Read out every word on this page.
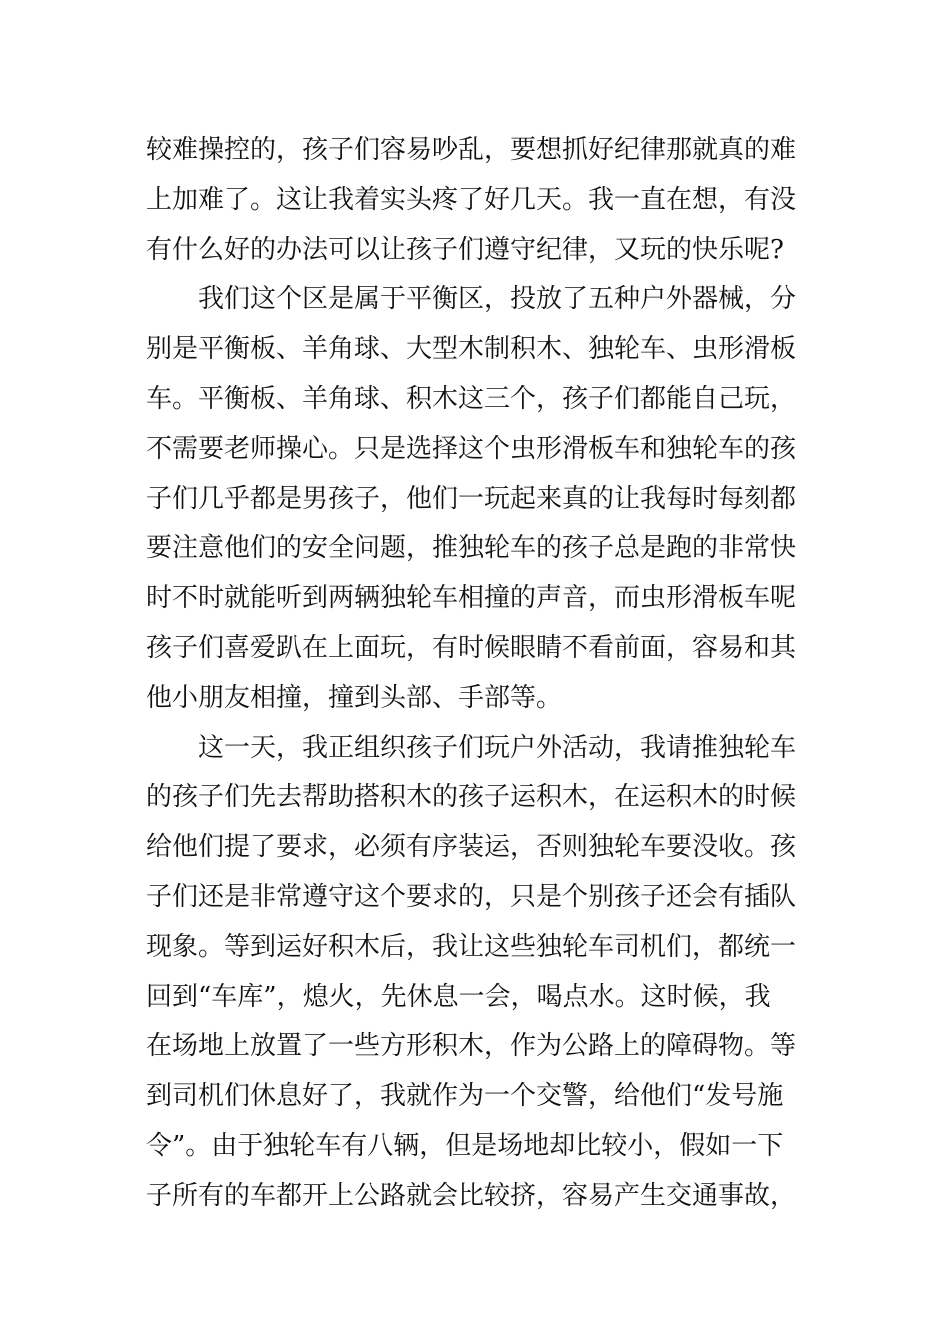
较难操控的，孩子们容易吵乱，要想抓好纪律那就真的难
上加难了。这让我着实头疼了好几天。我一直在想，有没
有什么好的办法可以让孩子们遵守纪律，又玩的快乐呢?
我们这个区是属于平衡区，投放了五种户外器械，分
别是平衡板、羊角球、大型木制积木、独轮车、虫形滑板
车。平衡板、羊角球、积木这三个，孩子们都能自己玩，
不需要老师操心。只是选择这个虫形滑板车和独轮车的孩
子们几乎都是男孩子，他们一玩起来真的让我每时每刻都
要注意他们的安全问题，推独轮车的孩子总是跑的非常快
时不时就能听到两辆独轮车相撞的声音，而虫形滑板车呢
孩子们喜爱趴在上面玩，有时候眼睛不看前面，容易和其
他小朋友相撞，撞到头部、手部等。
这一天，我正组织孩子们玩户外活动，我请推独轮车
的孩子们先去帮助搭积木的孩子运积木，在运积木的时候
给他们提了要求，必须有序装运，否则独轮车要没收。孩
子们还是非常遵守这个要求的，只是个别孩子还会有插队
现象。等到运好积木后，我让这些独轮车司机们，都统一
回到“车库”，熄火，先休息一会，喝点水。这时候，我
在场地上放置了一些方形积木，作为公路上的障碍物。等
到司机们休息好了，我就作为一个交警，给他们“发号施
令”。由于独轮车有八辆，但是场地却比较小，假如一下
子所有的车都开上公路就会比较挤，容易产生交通事故，
